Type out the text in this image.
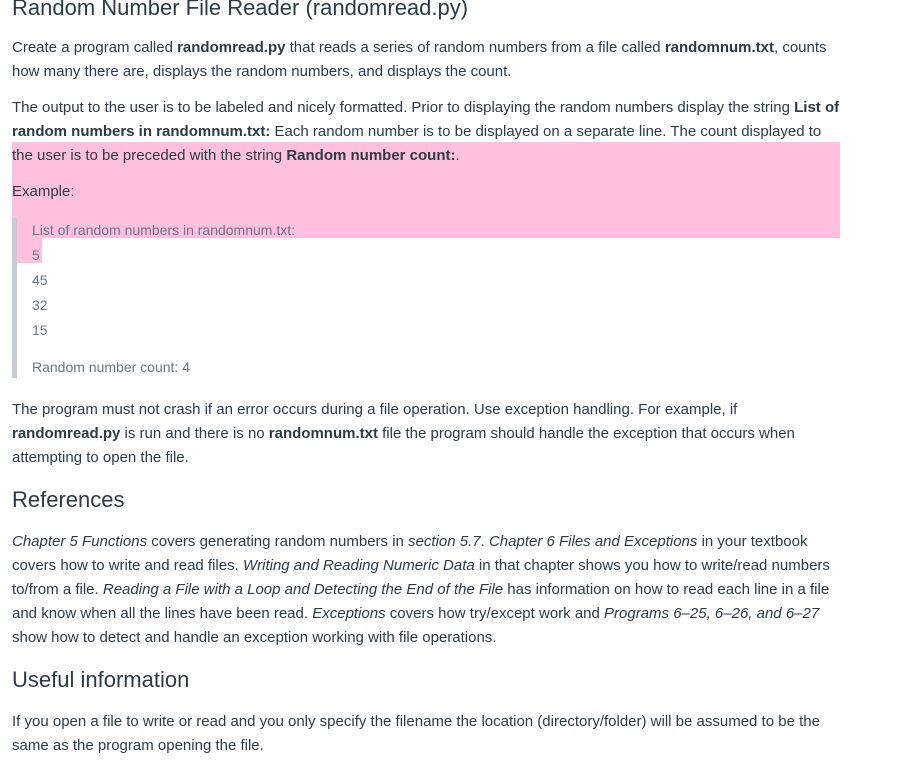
Random Number File Reader (randomread.py)

Create a program called randomread.py that reads a series of random numbers from a file called randomnum.txt, counts how many there are, displays the random numbers, and displays the count.

The output to the user is to be labeled and nicely formatted. Prior to displaying the random numbers display the string List of random numbers in randomnum.txt: Each random number is to be displayed on a separate line. The count displayed to the user is to be preceded with the string Random number count:.

Example:

List of random numbers in randomnum.txt:
5
45
32
15
Random number count: 4

The program must not crash if an error occurs during a file operation. Use exception handling. For example, if randomread.py is run and there is no randomnum.txt file the program should handle the exception that occurs when attempting to open the file.

References

Chapter 5 Functions covers generating random numbers in section 5.7. Chapter 6 Files and Exceptions in your textbook covers how to write and read files. Writing and Reading Numeric Data in that chapter shows you how to write/read numbers to/from a file. Reading a File with a Loop and Detecting the End of the File has information on how to read each line in a file and know when all the lines have been read. Exceptions covers how try/except work and Programs 6–25, 6–26, and 6–27 show how to detect and handle an exception working with file operations.

Useful information

If you open a file to write or read and you only specify the filename the location (directory/folder) will be assumed to be the same as the program opening the file.
